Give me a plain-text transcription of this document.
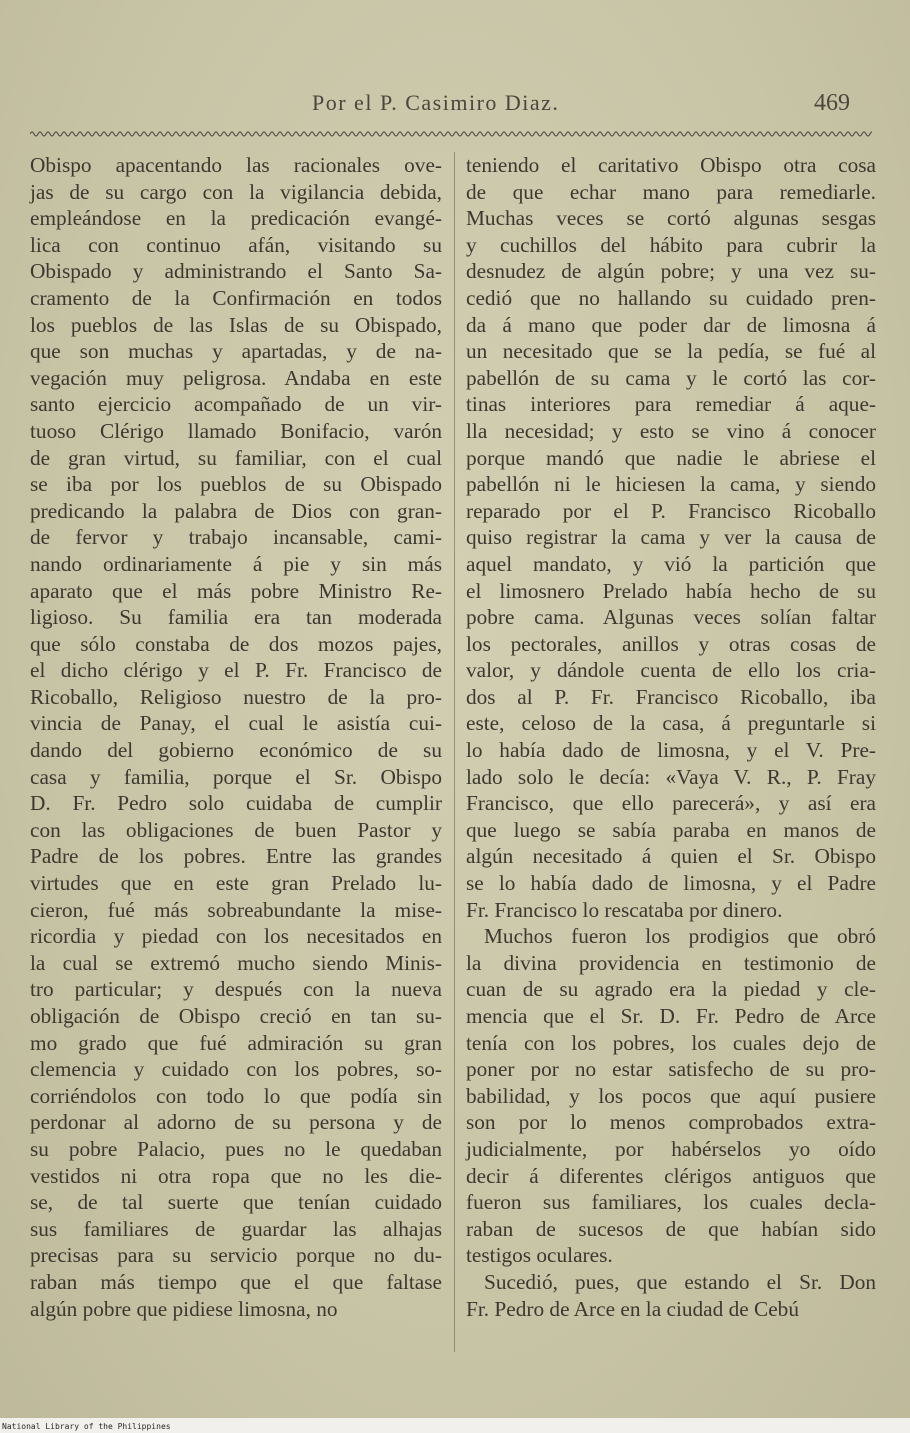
Por el P. Casimiro Diaz.	469
Obispo apacentando las racionales ove-
jas de su cargo con la vigilancia debida,
empleándose en la predicación evangé-
lica con continuo afán, visitando su
Obispado y administrando el Santo Sa-
cramento de la Confirmación en todos
los pueblos de las Islas de su Obispado,
que son muchas y apartadas, y de na-
vegación muy peligrosa. Andaba en este
santo ejercicio acompañado de un vir-
tuoso Clérigo llamado Bonifacio, varón
de gran virtud, su familiar, con el cual
se iba por los pueblos de su Obispado
predicando la palabra de Dios con gran-
de fervor y trabajo incansable, cami-
nando ordinariamente á pie y sin más
aparato que el más pobre Ministro Re-
ligioso. Su familia era tan moderada
que sólo constaba de dos mozos pajes,
el dicho clérigo y el P. Fr. Francisco de
Ricoballo, Religioso nuestro de la pro-
vincia de Panay, el cual le asistía cui-
dando del gobierno económico de su
casa y familia, porque el Sr. Obispo
D. Fr. Pedro solo cuidaba de cumplir
con las obligaciones de buen Pastor y
Padre de los pobres. Entre las grandes
virtudes que en este gran Prelado lu-
cieron, fué más sobreabundante la mise-
ricordia y piedad con los necesitados en
la cual se extremó mucho siendo Minis-
tro particular; y después con la nueva
obligación de Obispo creció en tan su-
mo grado que fué admiración su gran
clemencia y cuidado con los pobres, so-
corriéndolos con todo lo que podía sin
perdonar al adorno de su persona y de
su pobre Palacio, pues no le quedaban
vestidos ni otra ropa que no les die-
se, de tal suerte que tenían cuidado
sus familiares de guardar las alhajas
precisas para su servicio porque no du-
raban más tiempo que el que faltase
algún pobre que pidiese limosna, no
teniendo el caritativo Obispo otra cosa
de que echar mano para remediarle.
Muchas veces se cortó algunas sesgas
y cuchillos del hábito para cubrir la
desnudez de algún pobre; y una vez su-
cedió que no hallando su cuidado pren-
da á mano que poder dar de limosna á
un necesitado que se la pedía, se fué al
pabellón de su cama y le cortó las cor-
tinas interiores para remediar á aque-
lla necesidad; y esto se vino á conocer
porque mandó que nadie le abriese el
pabellón ni le hiciesen la cama, y siendo
reparado por el P. Francisco Ricoballo
quiso registrar la cama y ver la causa de
aquel mandato, y vió la partición que
el limosnero Prelado había hecho de su
pobre cama. Algunas veces solían faltar
los pectorales, anillos y otras cosas de
valor, y dándole cuenta de ello los cria-
dos al P. Fr. Francisco Ricoballo, iba
este, celoso de la casa, á preguntarle si
lo había dado de limosna, y el V. Pre-
lado solo le decía: «Vaya V. R., P. Fray
Francisco, que ello parecerá», y así era
que luego se sabía paraba en manos de
algún necesitado á quien el Sr. Obispo
se lo había dado de limosna, y el Padre
Fr. Francisco lo rescataba por dinero.
Muchos fueron los prodigios que obró
la divina providencia en testimonio de
cuan de su agrado era la piedad y cle-
mencia que el Sr. D. Fr. Pedro de Arce
tenía con los pobres, los cuales dejo de
poner por no estar satisfecho de su pro-
babilidad, y los pocos que aquí pusiere
son por lo menos comprobados extra-
judicialmente, por habérselos yo oído
decir á diferentes clérigos antiguos que
fueron sus familiares, los cuales decla-
raban de sucesos de que habían sido
testigos oculares.
Sucedió, pues, que estando el Sr. Don
Fr. Pedro de Arce en la ciudad de Cebú
National Library of the Philippines
